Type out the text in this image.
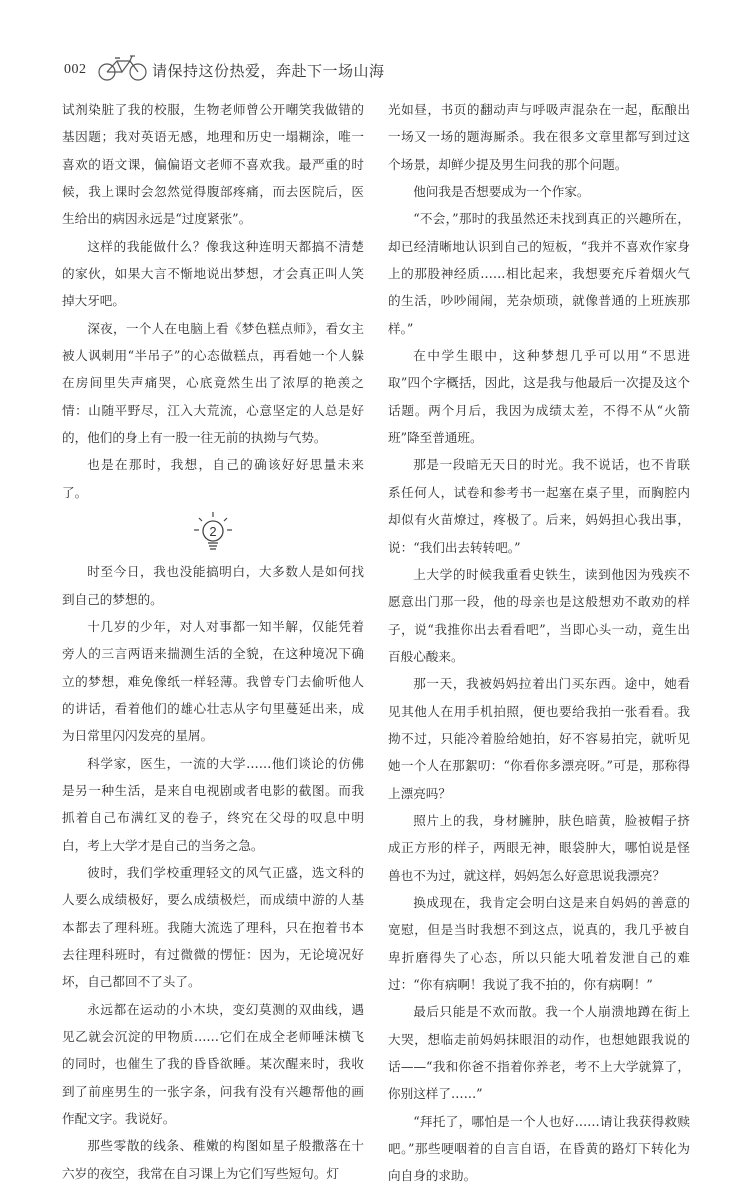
002	请保持这份热爱，奔赴下一场山海

试剂染脏了我的校服，生物老师曾公开嘲笑我做错的基因题；我对英语无感，地理和历史一塌糊涂，唯一喜欢的语文课，偏偏语文老师不喜欢我。最严重的时候，我上课时会忽然觉得腹部疼痛，而去医院后，医生给出的病因永远是“过度紧张”。

这样的我能做什么？像我这种连明天都搞不清楚的家伙，如果大言不惭地说出梦想，才会真正叫人笑掉大牙吧。

深夜，一个人在电脑上看《梦色糕点师》，看女主被人讽刺用“半吊子”的心态做糕点，再看她一个人躲在房间里失声痛哭，心底竟然生出了浓厚的艳羡之情：山随平野尽，江入大荒流，心意坚定的人总是好的，他们的身上有一股一往无前的执拗与气势。

也是在那时，我想，自己的确该好好思量未来了。

2

时至今日，我也没能搞明白，大多数人是如何找到自己的梦想的。

十几岁的少年，对人对事都一知半解，仅能凭着旁人的三言两语来揣测生活的全貌，在这种境况下确立的梦想，难免像纸一样轻薄。我曾专门去偷听他人的讲话，看着他们的雄心壮志从字句里蔓延出来，成为日常里闪闪发亮的星屑。

科学家，医生，一流的大学……他们谈论的仿佛是另一种生活，是来自电视剧或者电影的截图。而我抓着自己布满红叉的卷子，终究在父母的叹息中明白，考上大学才是自己的当务之急。

彼时，我们学校重理轻文的风气正盛，选文科的人要么成绩极好，要么成绩极烂，而成绩中游的人基本都去了理科班。我随大流选了理科，只在抱着书本去往理科班时，有过微微的愣怔：因为，无论境况好坏，自己都回不了头了。

永远都在运动的小木块，变幻莫测的双曲线，遇见乙就会沉淀的甲物质……它们在成全老师唾沫横飞的同时，也催生了我的昏昏欲睡。某次醒来时，我收到了前座男生的一张字条，问我有没有兴趣帮他的画作配文字。我说好。

那些零散的线条、稚嫩的构图如星子般撒落在十六岁的夜空，我常在自习课上为它们写些短句。灯

光如昼，书页的翻动声与呼吸声混杂在一起，酝酿出一场又一场的题海厮杀。我在很多文章里都写到过这个场景，却鲜少提及男生问我的那个问题。

他问我是否想要成为一个作家。

“不会，”那时的我虽然还未找到真正的兴趣所在，却已经清晰地认识到自己的短板，“我并不喜欢作家身上的那股神经质……相比起来，我想要充斥着烟火气的生活，吵吵闹闹，芜杂烦琐，就像普通的上班族那样。”

在中学生眼中，这种梦想几乎可以用“不思进取”四个字概括，因此，这是我与他最后一次提及这个话题。两个月后，我因为成绩太差，不得不从“火箭班”降至普通班。

那是一段暗无天日的时光。我不说话，也不肯联系任何人，试卷和参考书一起塞在桌子里，而胸腔内却似有火苗燎过，疼极了。后来，妈妈担心我出事，说：“我们出去转转吧。”

上大学的时候我重看史铁生，读到他因为残疾不愿意出门那一段，他的母亲也是这般想劝不敢劝的样子，说“我推你出去看看吧”，当即心头一动，竟生出百般心酸来。

那一天，我被妈妈拉着出门买东西。途中，她看见其他人在用手机拍照，便也要给我拍一张看看。我拗不过，只能冷着脸给她拍，好不容易拍完，就听见她一个人在那絮叨：“你看你多漂亮呀。”可是，那称得上漂亮吗？

照片上的我，身材臃肿，肤色暗黄，脸被帽子挤成正方形的样子，两眼无神，眼袋肿大，哪怕说是怪兽也不为过，就这样，妈妈怎么好意思说我漂亮？

换成现在，我肯定会明白这是来自妈妈的善意的宽慰，但是当时我想不到这点，说真的，我几乎被自卑折磨得失了心态，所以只能大吼着发泄自己的难过：“你有病啊！我说了我不拍的，你有病啊！”

最后只能是不欢而散。我一个人崩溃地蹲在街上大哭，想临走前妈妈抹眼泪的动作，也想她跟我说的话——“我和你爸不指着你养老，考不上大学就算了，你别这样了……”

“拜托了，哪怕是一个人也好……请让我获得救赎吧。”那些哽咽着的自言自语，在昏黄的路灯下转化为向自身的求助。
